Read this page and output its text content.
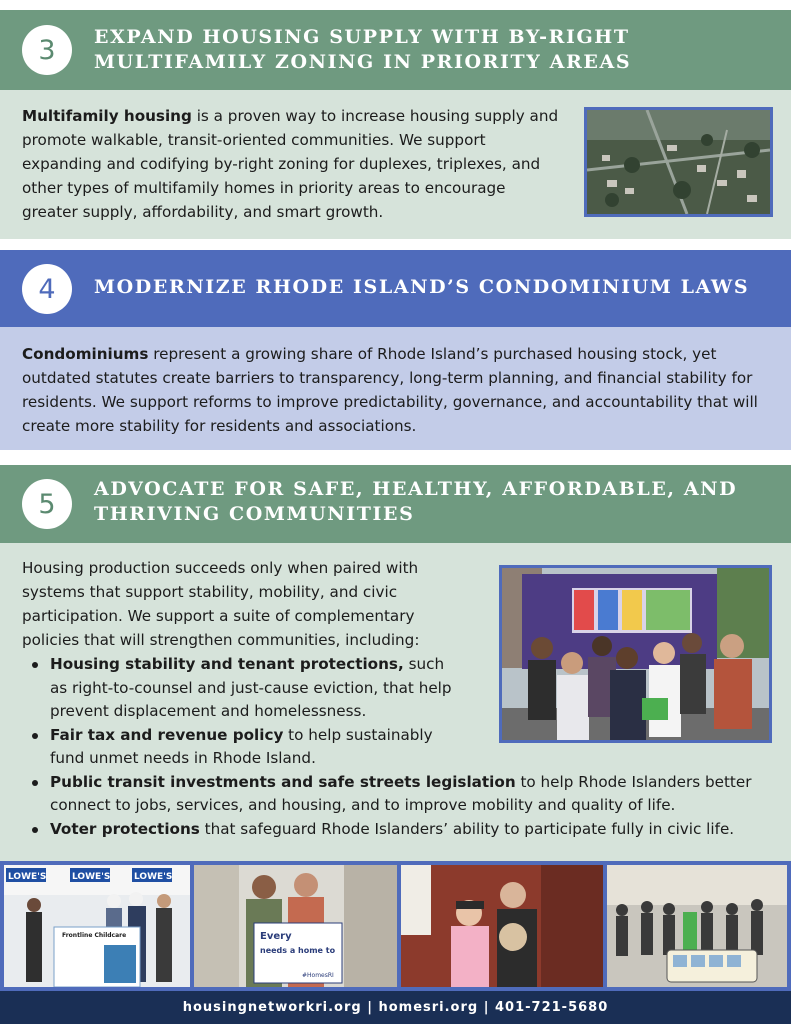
3	EXPAND HOUSING SUPPLY WITH BY-RIGHT MULTIFAMILY ZONING IN PRIORITY AREAS

Multifamily housing is a proven way to increase housing supply and promote walkable, transit-oriented communities. We support expanding and codifying by-right zoning for duplexes, triplexes, and other types of multifamily homes in priority areas to encourage greater supply, affordability, and smart growth.

4	MODERNIZE RHODE ISLAND’S CONDOMINIUM LAWS

Condominiums represent a growing share of Rhode Island’s purchased housing stock, yet outdated statutes create barriers to transparency, long-term planning, and financial stability for residents. We support reforms to improve predictability, governance, and accountability that will create more stability for residents and associations.

5	ADVOCATE FOR SAFE, HEALTHY, AFFORDABLE, AND THRIVING COMMUNITIES

Housing production succeeds only when paired with systems that support stability, mobility, and civic participation. We support a suite of complementary policies that will strengthen communities, including:

Housing stability and tenant protections, such as right-to-counsel and just-cause eviction, that help prevent displacement and homelessness.
Fair tax and revenue policy to help sustainably fund unmet needs in Rhode Island.
Public transit investments and safe streets legislation to help Rhode Islanders better connect to jobs, services, and housing, and to improve mobility and quality of life.
Voter protections that safeguard Rhode Islanders’ ability to participate fully in civic life.
LOWE'S	LOWE'S	LOWE'S
Frontline Childcare	Every
needs a home to
#HomesRI
housingnetworkri.org | homesri.org | 401-721-5680
